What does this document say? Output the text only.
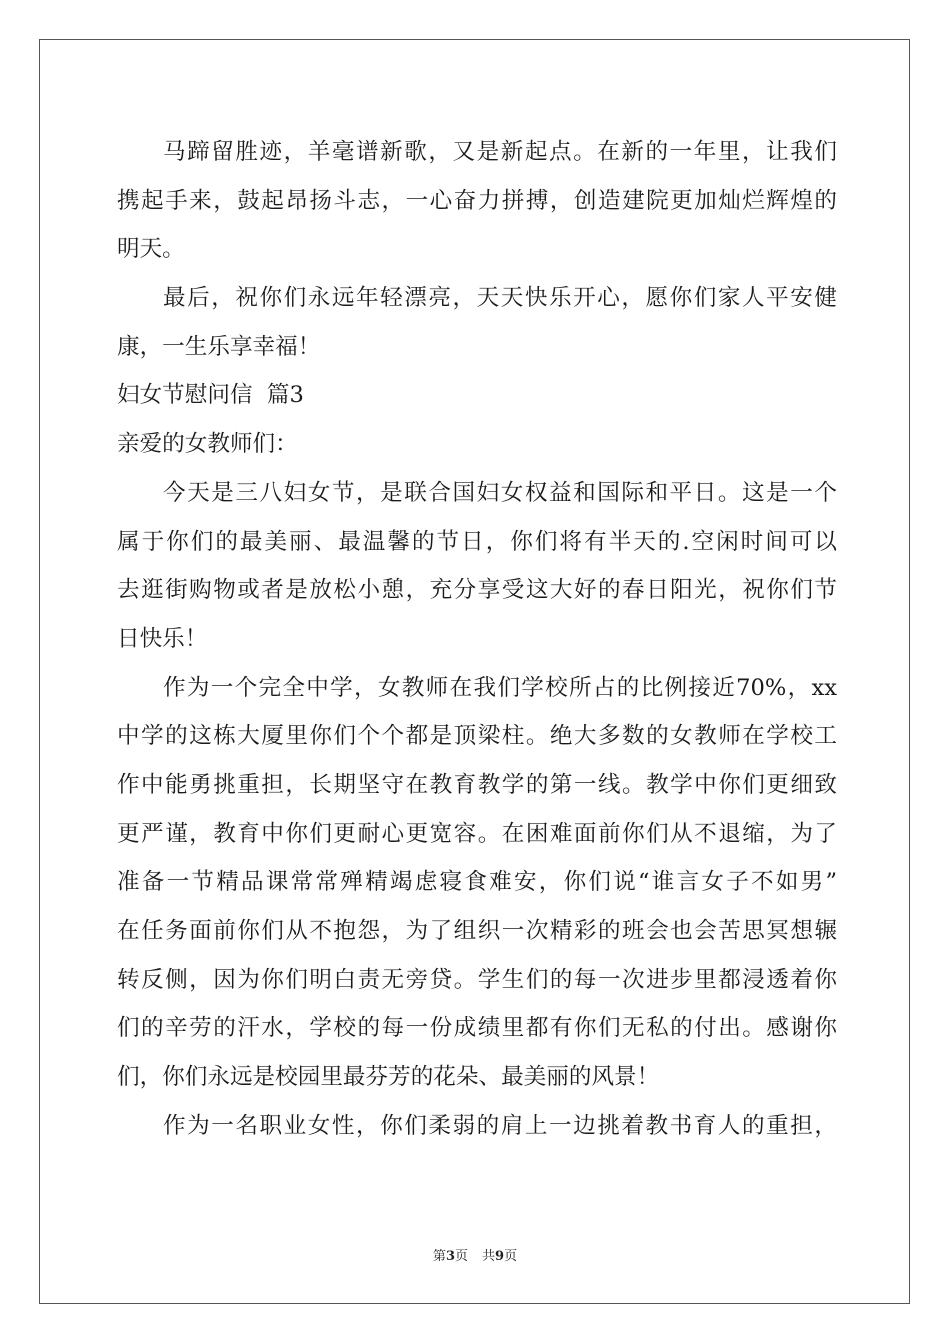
马蹄留胜迹，羊毫谱新歌，又是新起点。在新的一年里，让我们
携起手来，鼓起昂扬斗志，一心奋力拼搏，创造建院更加灿烂辉煌的
明天。
最后，祝你们永远年轻漂亮，天天快乐开心，愿你们家人平安健
康，一生乐享幸福！
妇女节慰问信  篇3
亲爱的女教师们：
今天是三八妇女节，是联合国妇女权益和国际和平日。这是一个
属于你们的最美丽、最温馨的节日，你们将有半天的.空闲时间可以
去逛街购物或者是放松小憩，充分享受这大好的春日阳光，祝你们节
日快乐！
作为一个完全中学，女教师在我们学校所占的比例接近70%，xx
中学的这栋大厦里你们个个都是顶梁柱。绝大多数的女教师在学校工
作中能勇挑重担，长期坚守在教育教学的第一线。教学中你们更细致
更严谨，教育中你们更耐心更宽容。在困难面前你们从不退缩，为了
准备一节精品课常常殚精竭虑寝食难安，你们说“谁言女子不如男”
在任务面前你们从不抱怨，为了组织一次精彩的班会也会苦思冥想辗
转反侧，因为你们明白责无旁贷。学生们的每一次进步里都浸透着你
们的辛劳的汗水，学校的每一份成绩里都有你们无私的付出。感谢你
们，你们永远是校园里最芬芳的花朵、最美丽的风景！
作为一名职业女性，你们柔弱的肩上一边挑着教书育人的重担，
第3页 共9页
